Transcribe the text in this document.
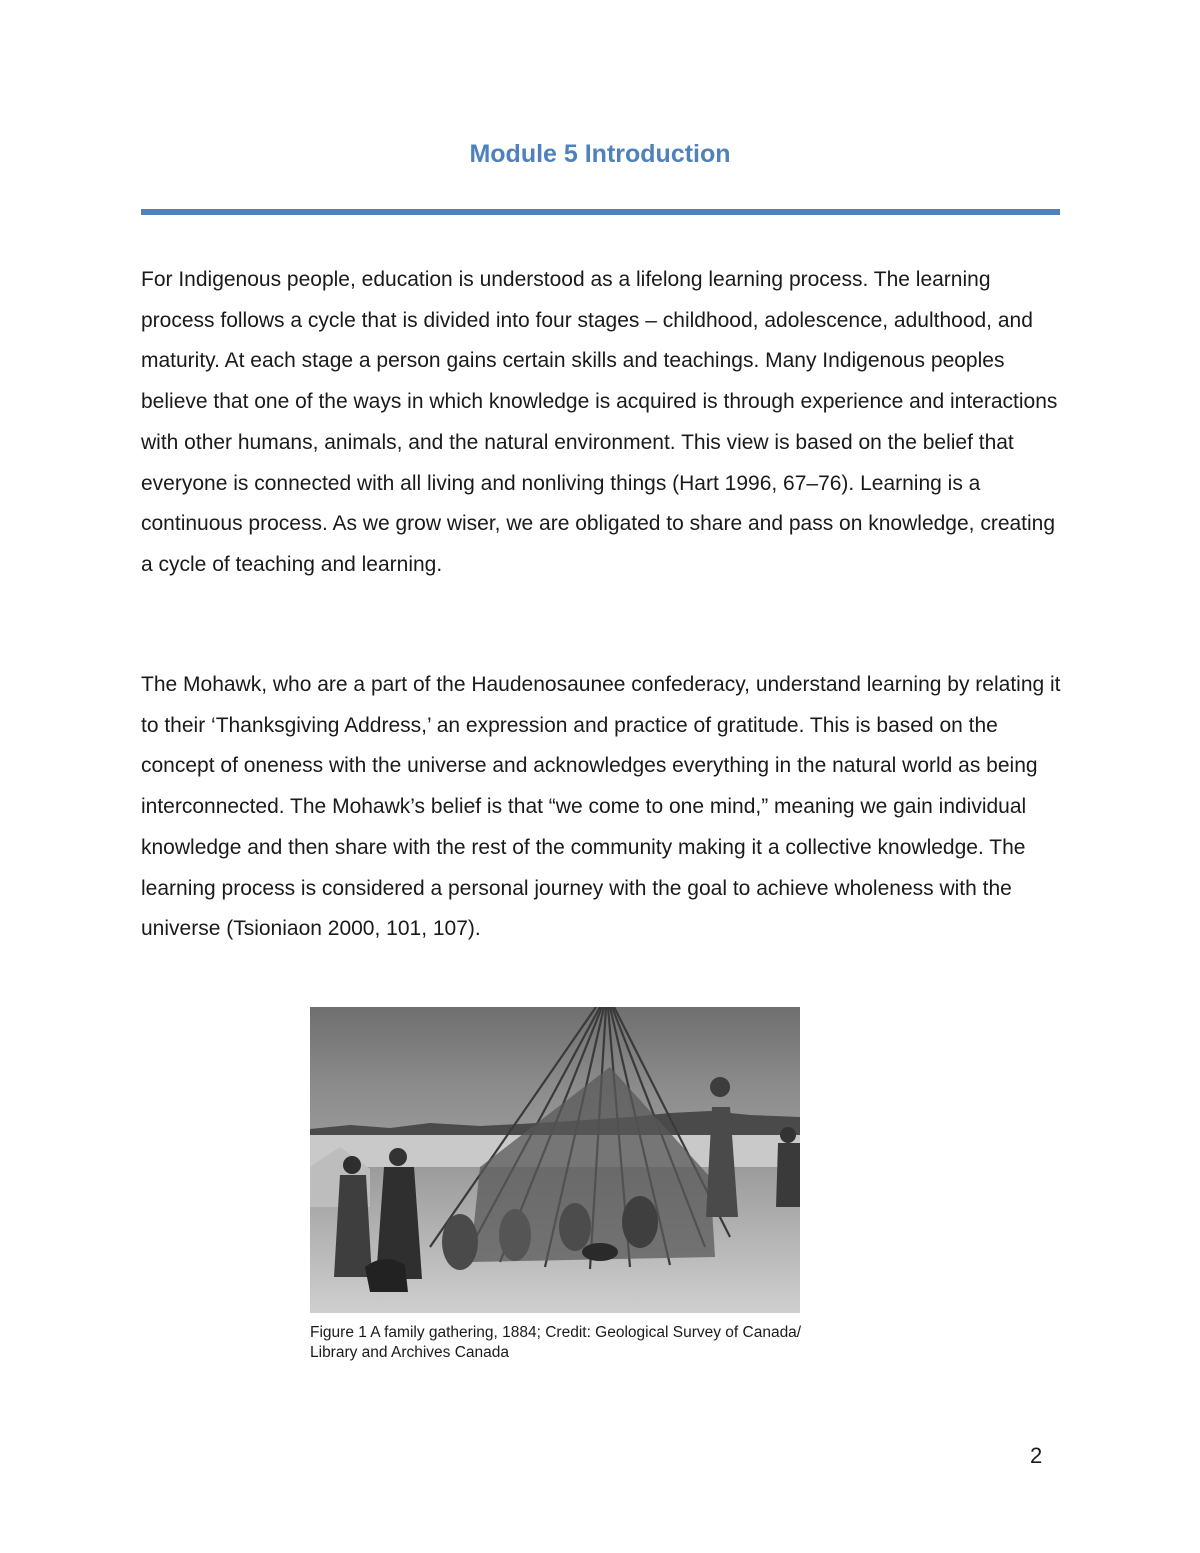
Module 5 Introduction

For Indigenous people, education is understood as a lifelong learning process. The learning process follows a cycle that is divided into four stages – childhood, adolescence, adulthood, and maturity. At each stage a person gains certain skills and teachings. Many Indigenous peoples believe that one of the ways in which knowledge is acquired is through experience and interactions with other humans, animals, and the natural environment. This view is based on the belief that everyone is connected with all living and nonliving things (Hart 1996, 67–76). Learning is a continuous process. As we grow wiser, we are obligated to share and pass on knowledge, creating a cycle of teaching and learning.

The Mohawk, who are a part of the Haudenosaunee confederacy, understand learning by relating it to their ‘Thanksgiving Address,’ an expression and practice of gratitude. This is based on the concept of oneness with the universe and acknowledges everything in the natural world as being interconnected. The Mohawk’s belief is that “we come to one mind,” meaning we gain individual knowledge and then share with the rest of the community making it a collective knowledge. The learning process is considered a personal journey with the goal to achieve wholeness with the universe (Tsioniaon 2000, 101, 107).

Figure 1 A family gathering, 1884; Credit: Geological Survey of Canada/ Library and Archives Canada

2
